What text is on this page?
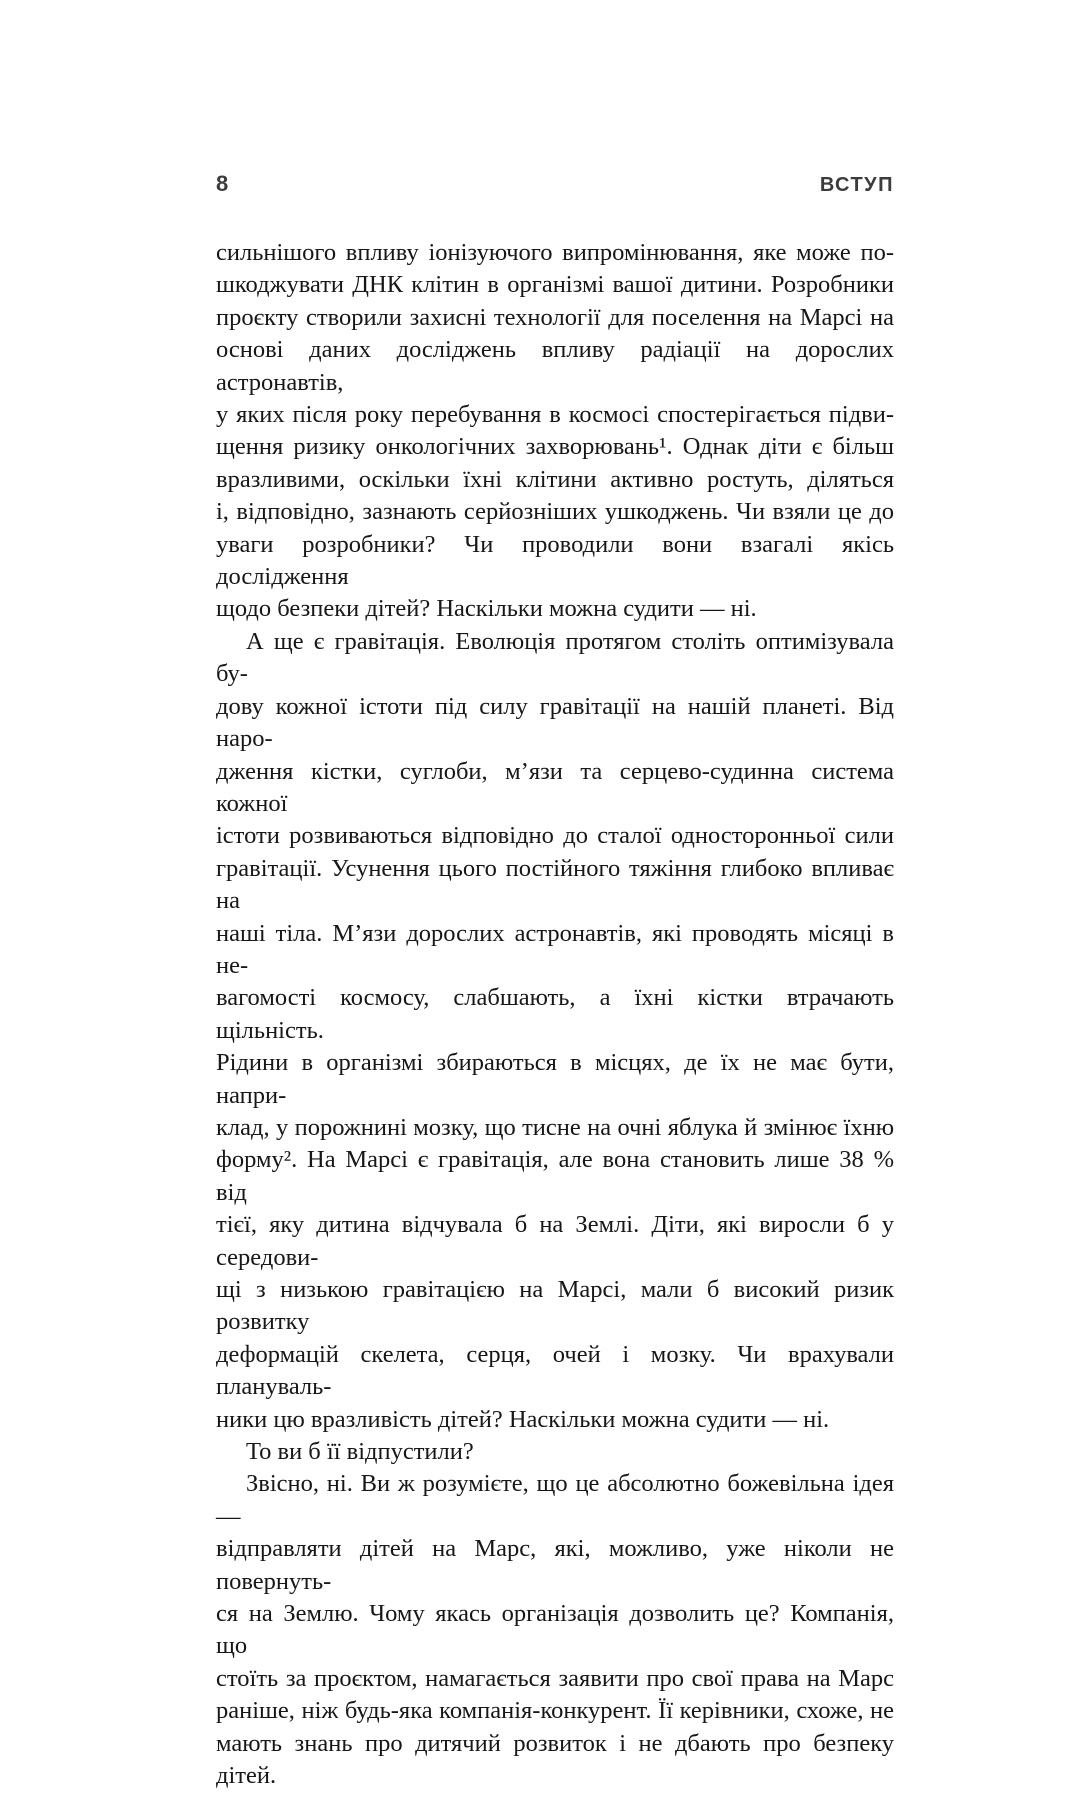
8	ВСТУП
сильнішого впливу іонізуючого випромінювання, яке може по-
шкоджувати ДНК клітин в організмі вашої дитини. Розробники
проєкту створили захисні технології для поселення на Марсі на
основі даних досліджень впливу радіації на дорослих астронавтів,
у яких після року перебування в космосі спостерігається підви-
щення ризику онкологічних захворювань¹. Однак діти є більш
вразливими, оскільки їхні клітини активно ростуть, діляться
і, відповідно, зазнають серйозніших ушкоджень. Чи взяли це до
уваги розробники? Чи проводили вони взагалі якісь дослідження
щодо безпеки дітей? Наскільки можна судити — ні.
А ще є гравітація. Еволюція протягом століть оптимізувала бу-
дову кожної істоти під силу гравітації на нашій планеті. Від наро-
дження кістки, суглоби, м’язи та серцево-судинна система кожної
істоти розвиваються відповідно до сталої односторонньої сили
гравітації. Усунення цього постійного тяжіння глибоко впливає на
наші тіла. М’язи дорослих астронавтів, які проводять місяці в не-
вагомості космосу, слабшають, а їхні кістки втрачають щільність.
Рідини в організмі збираються в місцях, де їх не має бути, напри-
клад, у порожнині мозку, що тисне на очні яблука й змінює їхню
форму². На Марсі є гравітація, але вона становить лише 38 % від
тієї, яку дитина відчувала б на Землі. Діти, які виросли б у середови-
щі з низькою гравітацією на Марсі, мали б високий ризик розвитку
деформацій скелета, серця, очей і мозку. Чи врахували плануваль-
ники цю вразливість дітей? Наскільки можна судити — ні.
То ви б її відпустили?
Звісно, ні. Ви ж розумієте, що це абсолютно божевільна ідея —
відправляти дітей на Марс, які, можливо, уже ніколи не повернуть-
ся на Землю. Чому якась організація дозволить це? Компанія, що
стоїть за проєктом, намагається заявити про свої права на Марс
раніше, ніж будь-яка компанія-конкурент. Її керівники, схоже, не
мають знань про дитячий розвиток і не дбають про безпеку дітей.
